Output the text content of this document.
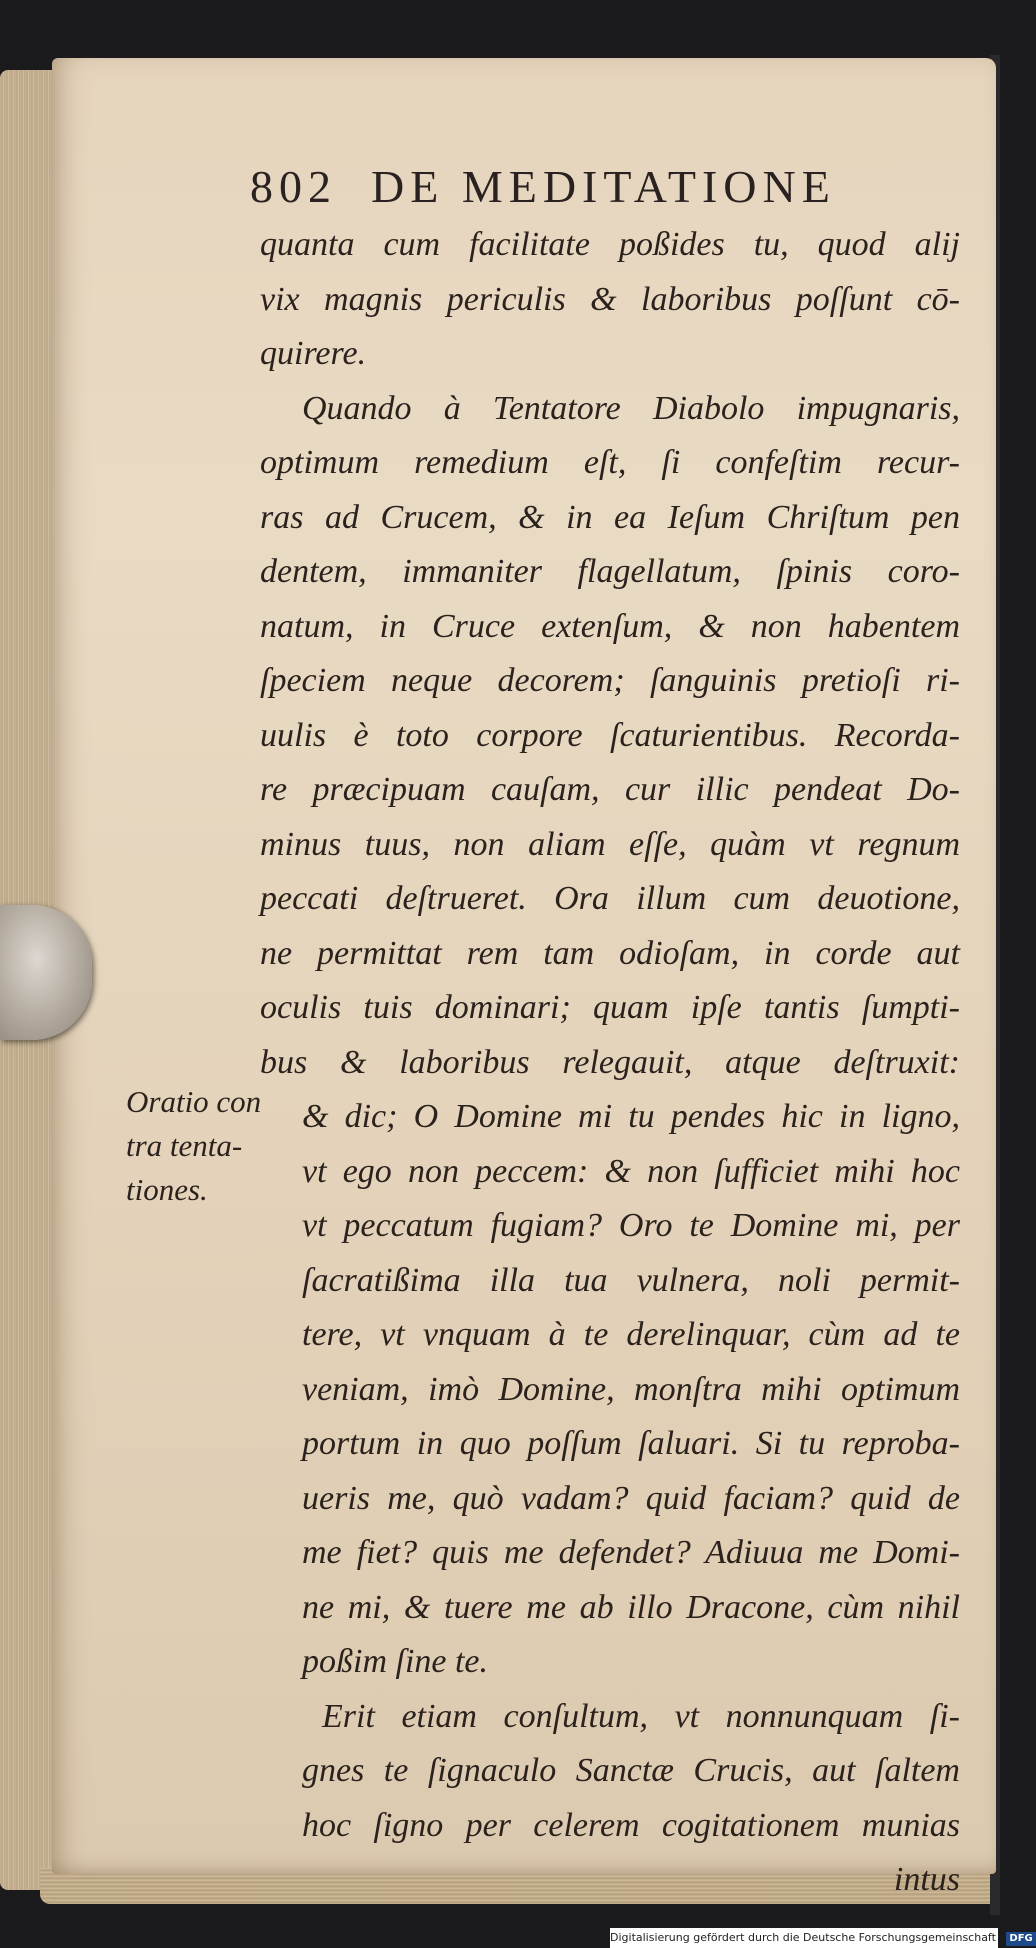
802 DE MEDITATIONE
quanta cum facilitate poßides tu, quod alij
vix magnis periculis & laboribus poſſunt cō-
quirere.
Quando à Tentatore Diabolo impugnaris,
optimum remedium eſt, ſi confeſtim recur-
ras ad Crucem, & in ea Ieſum Chriſtum pen
dentem, immaniter flagellatum, ſpinis coro-
natum, in Cruce extenſum, & non habentem
ſpeciem neque decorem; ſanguinis pretioſi ri-
uulis è toto corpore ſcaturientibus. Recorda-
re præcipuam cauſam, cur illic pendeat Do-
minus tuus, non aliam eſſe, quàm vt regnum
peccati deſtrueret. Ora illum cum deuotione,
ne permittat rem tam odioſam, in corde aut
oculis tuis dominari; quam ipſe tantis ſumpti-
bus & laboribus relegauit, atque deſtruxit:
& dic; O Domine mi tu pendes hic in ligno,
vt ego non peccem: & non ſufficiet mihi hoc
vt peccatum fugiam? Oro te Domine mi, per
ſacratißima illa tua vulnera, noli permit-
tere, vt vnquam à te derelinquar, cùm ad te
veniam, imò Domine, monſtra mihi optimum
portum in quo poſſum ſaluari. Si tu reproba-
ueris me, quò vadam? quid faciam? quid de
me fiet? quis me defendet? Adiuua me Domi-
ne mi, & tuere me ab illo Dracone, cùm nihil
poßim ſine te.
Erit etiam conſultum, vt nonnunquam ſi-
gnes te ſignaculo Sanctæ Crucis, aut ſaltem
hoc ſigno per celerem cogitationem munias
intus
Oratio con
tra tenta-
tiones.
Digitalisierung gefördert durch die Deutsche Forschungsgemeinschaft - DFG
